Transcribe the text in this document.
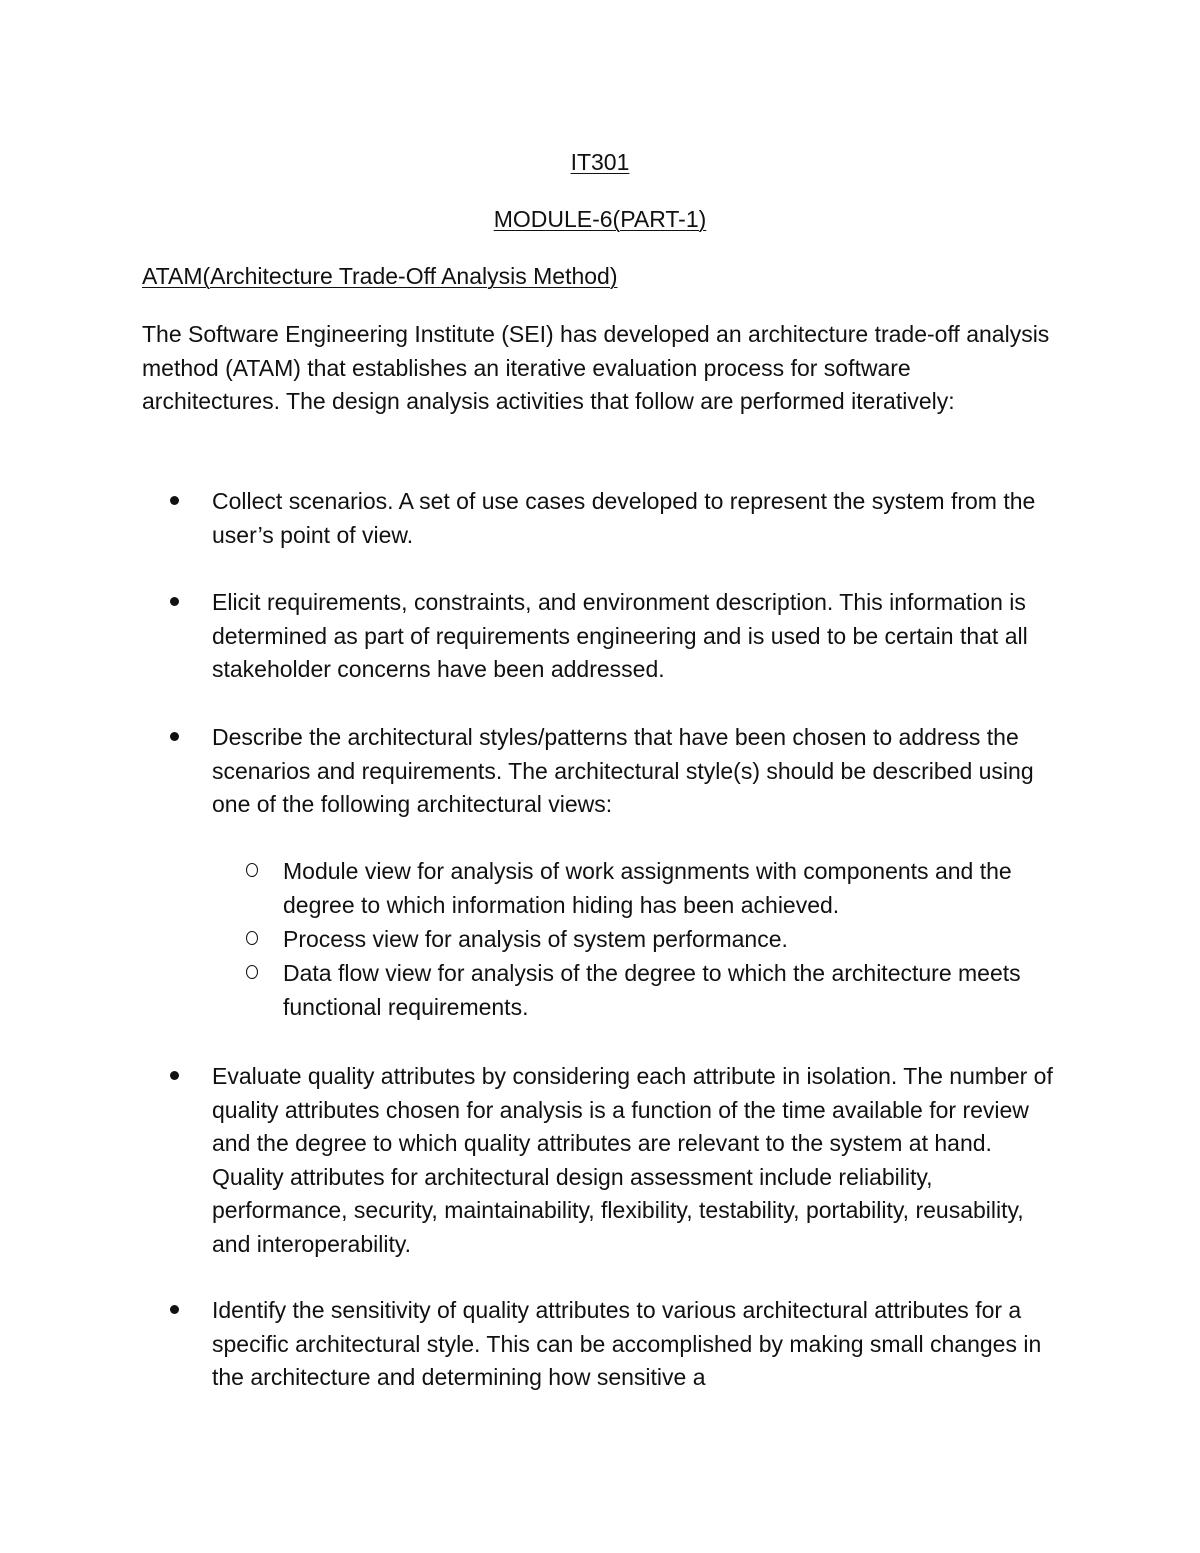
IT301
MODULE-6(PART-1)
ATAM(Architecture Trade-Off Analysis Method)

The Software Engineering Institute (SEI) has developed an architecture trade-off analysis method (ATAM) that establishes an iterative evaluation process for software architectures. The design analysis activities that follow are performed iteratively:

Collect scenarios. A set of use cases developed to represent the system from the user’s point of view.
Elicit requirements, constraints, and environment description. This information is determined as part of requirements engineering and is used to be certain that all stakeholder concerns have been addressed.
Describe the architectural styles/patterns that have been chosen to address the scenarios and requirements. The architectural style(s) should be described using one of the following architectural views:
Module view for analysis of work assignments with components and the degree to which information hiding has been achieved.
Process view for analysis of system performance.
Data flow view for analysis of the degree to which the architecture meets functional requirements.
Evaluate quality attributes by considering each attribute in isolation. The number of quality attributes chosen for analysis is a function of the time available for review and the degree to which quality attributes are relevant to the system at hand. Quality attributes for architectural design assessment include reliability, performance, security, maintainability, flexibility, testability, portability, reusability, and interoperability.
Identify the sensitivity of quality attributes to various architectural attributes for a specific architectural style. This can be accomplished by making small changes in the architecture and determining how sensitive a
